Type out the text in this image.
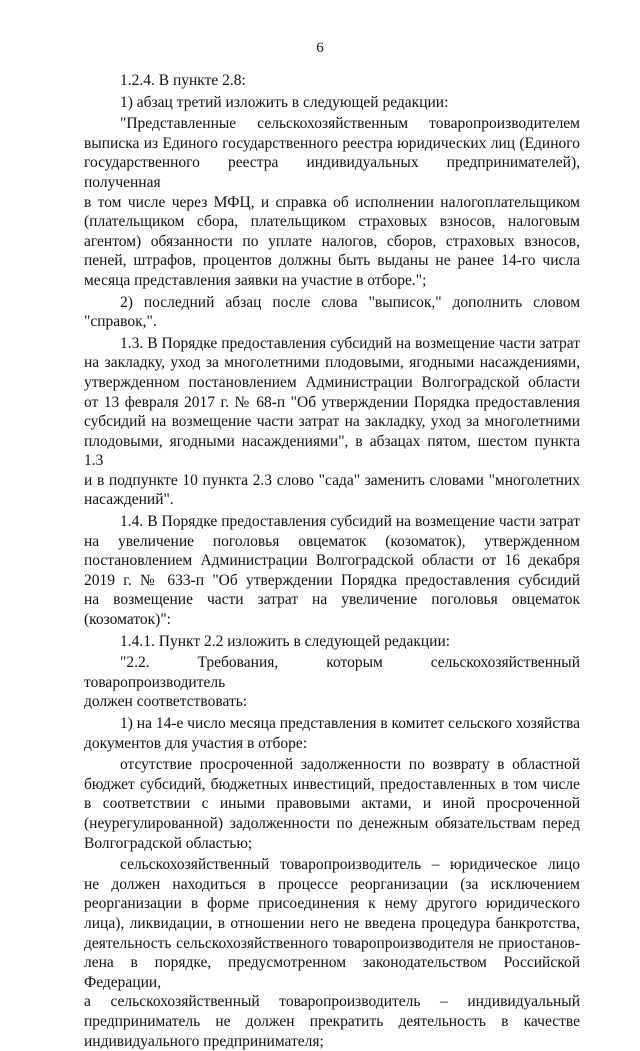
6
1.2.4. В пункте 2.8:
1) абзац третий изложить в следующей редакции:
"Представленные сельскохозяйственным товаропроизводителем
выписка из Единого государственного реестра юридических лиц (Единого
государственного реестра индивидуальных предпринимателей), полученная
в том числе через МФЦ, и справка об исполнении налогоплательщиком
(плательщиком сбора, плательщиком страховых взносов, налоговым
агентом) обязанности по уплате налогов, сборов, страховых взносов,
пеней, штрафов, процентов должны быть выданы не ранее 14-го числа
месяца представления заявки на участие в отборе.";
2) последний абзац после слова "выписок," дополнить словом
"справок,".
1.3. В Порядке предоставления субсидий на возмещение части затрат
на закладку, уход за многолетними плодовыми, ягодными насаждениями,
утвержденном постановлением Администрации Волгоградской области
от 13 февраля 2017 г. № 68-п "Об утверждении Порядка предоставления
субсидий на возмещение части затрат на закладку, уход за многолетними
плодовыми, ягодными насаждениями", в абзацах пятом, шестом пункта 1.3
и в подпункте 10 пункта 2.3 слово "сада" заменить словами "многолетних
насаждений".
1.4. В Порядке предоставления субсидий на возмещение части затрат
на увеличение поголовья овцематок (козоматок), утвержденном
постановлением Администрации Волгоградской области от 16 декабря
2019 г. № 633-п "Об утверждении Порядка предоставления субсидий
на возмещение части затрат на увеличение поголовья овцематок
(козоматок)":
1.4.1. Пункт 2.2 изложить в следующей редакции:
"2.2. Требования, которым сельскохозяйственный товаропроизводитель
должен соответствовать:
1) на 14-е число месяца представления в комитет сельского хозяйства
документов для участия в отборе:
отсутствие просроченной задолженности по возврату в областной
бюджет субсидий, бюджетных инвестиций, предоставленных в том числе
в соответствии с иными правовыми актами, и иной просроченной
(неурегулированной) задолженности по денежным обязательствам перед
Волгоградской областью;
сельскохозяйственный товаропроизводитель – юридическое лицо
не должен находиться в процессе реорганизации (за исключением
реорганизации в форме присоединения к нему другого юридического
лица), ликвидации, в отношении него не введена процедура банкротства,
деятельность сельскохозяйственного товаропроизводителя не приостанов-
лена в порядке, предусмотренном законодательством Российской Федерации,
а сельскохозяйственный товаропроизводитель – индивидуальный
предприниматель не должен прекратить деятельность в качестве
индивидуального предпринимателя;
